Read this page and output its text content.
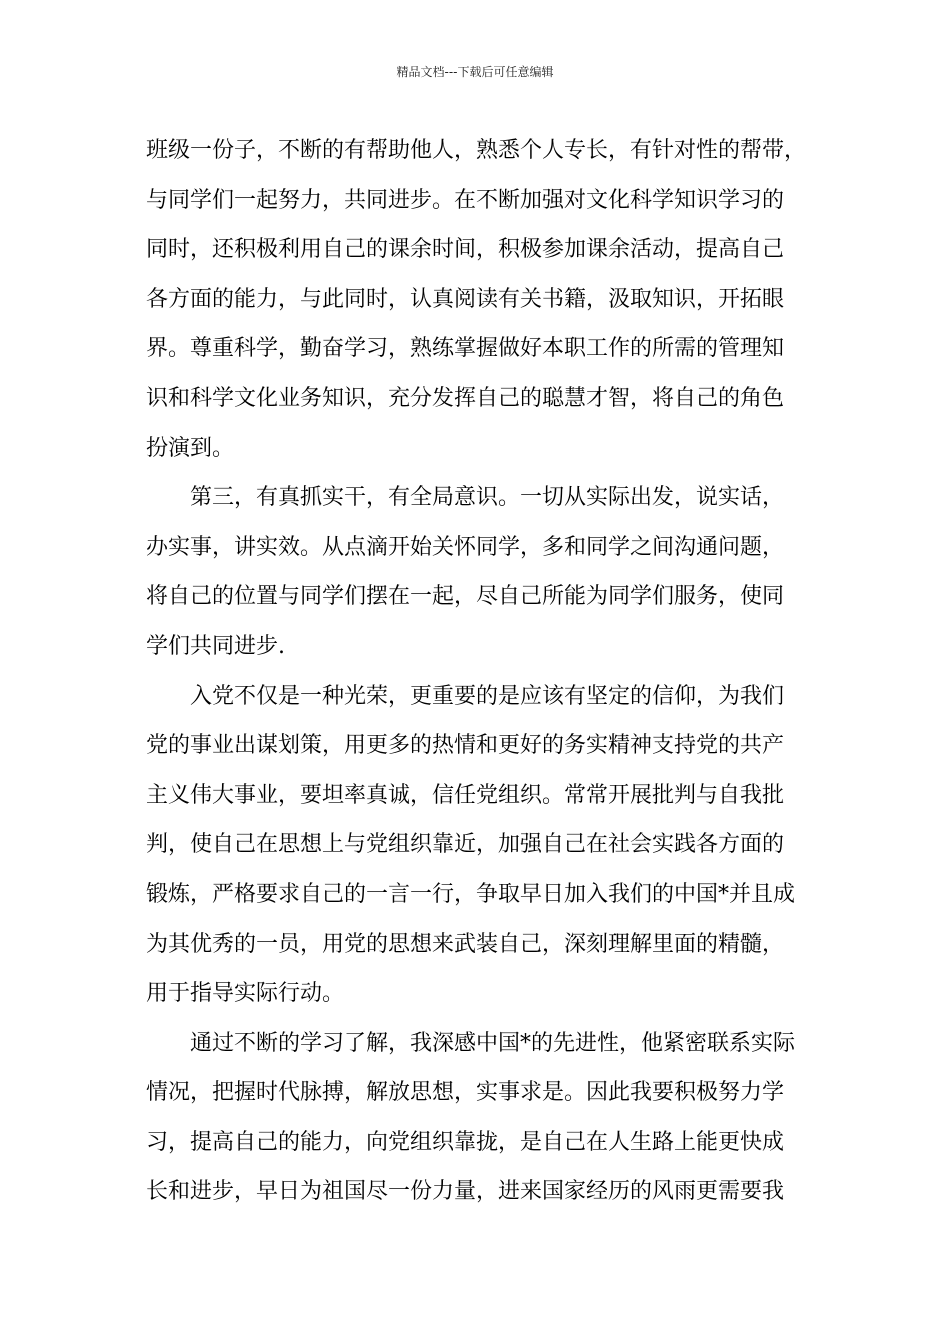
精品文档---下载后可任意编辑
班级一份子，不断的有帮助他人，熟悉个人专长，有针对性的帮带，
与同学们一起努力，共同进步。在不断加强对文化科学知识学习的
同时，还积极利用自己的课余时间，积极参加课余活动，提高自己
各方面的能力，与此同时，认真阅读有关书籍，汲取知识，开拓眼
界。尊重科学，勤奋学习，熟练掌握做好本职工作的所需的管理知
识和科学文化业务知识，充分发挥自己的聪慧才智，将自己的角色
扮演到。
第三，有真抓实干，有全局意识。一切从实际出发，说实话，
办实事，讲实效。从点滴开始关怀同学，多和同学之间沟通问题，
将自己的位置与同学们摆在一起，尽自己所能为同学们服务，使同
学们共同进步.
入党不仅是一种光荣，更重要的是应该有坚定的信仰，为我们
党的事业出谋划策，用更多的热情和更好的务实精神支持党的共产
主义伟大事业，要坦率真诚，信任党组织。常常开展批判与自我批
判，使自己在思想上与党组织靠近，加强自己在社会实践各方面的
锻炼，严格要求自己的一言一行，争取早日加入我们的中国*并且成
为其优秀的一员，用党的思想来武装自己，深刻理解里面的精髓，
用于指导实际行动。
通过不断的学习了解，我深感中国*的先进性，他紧密联系实际
情况，把握时代脉搏，解放思想，实事求是。因此我要积极努力学
习，提高自己的能力，向党组织靠拢，是自己在人生路上能更快成
长和进步，早日为祖国尽一份力量，进来国家经历的风雨更需要我
